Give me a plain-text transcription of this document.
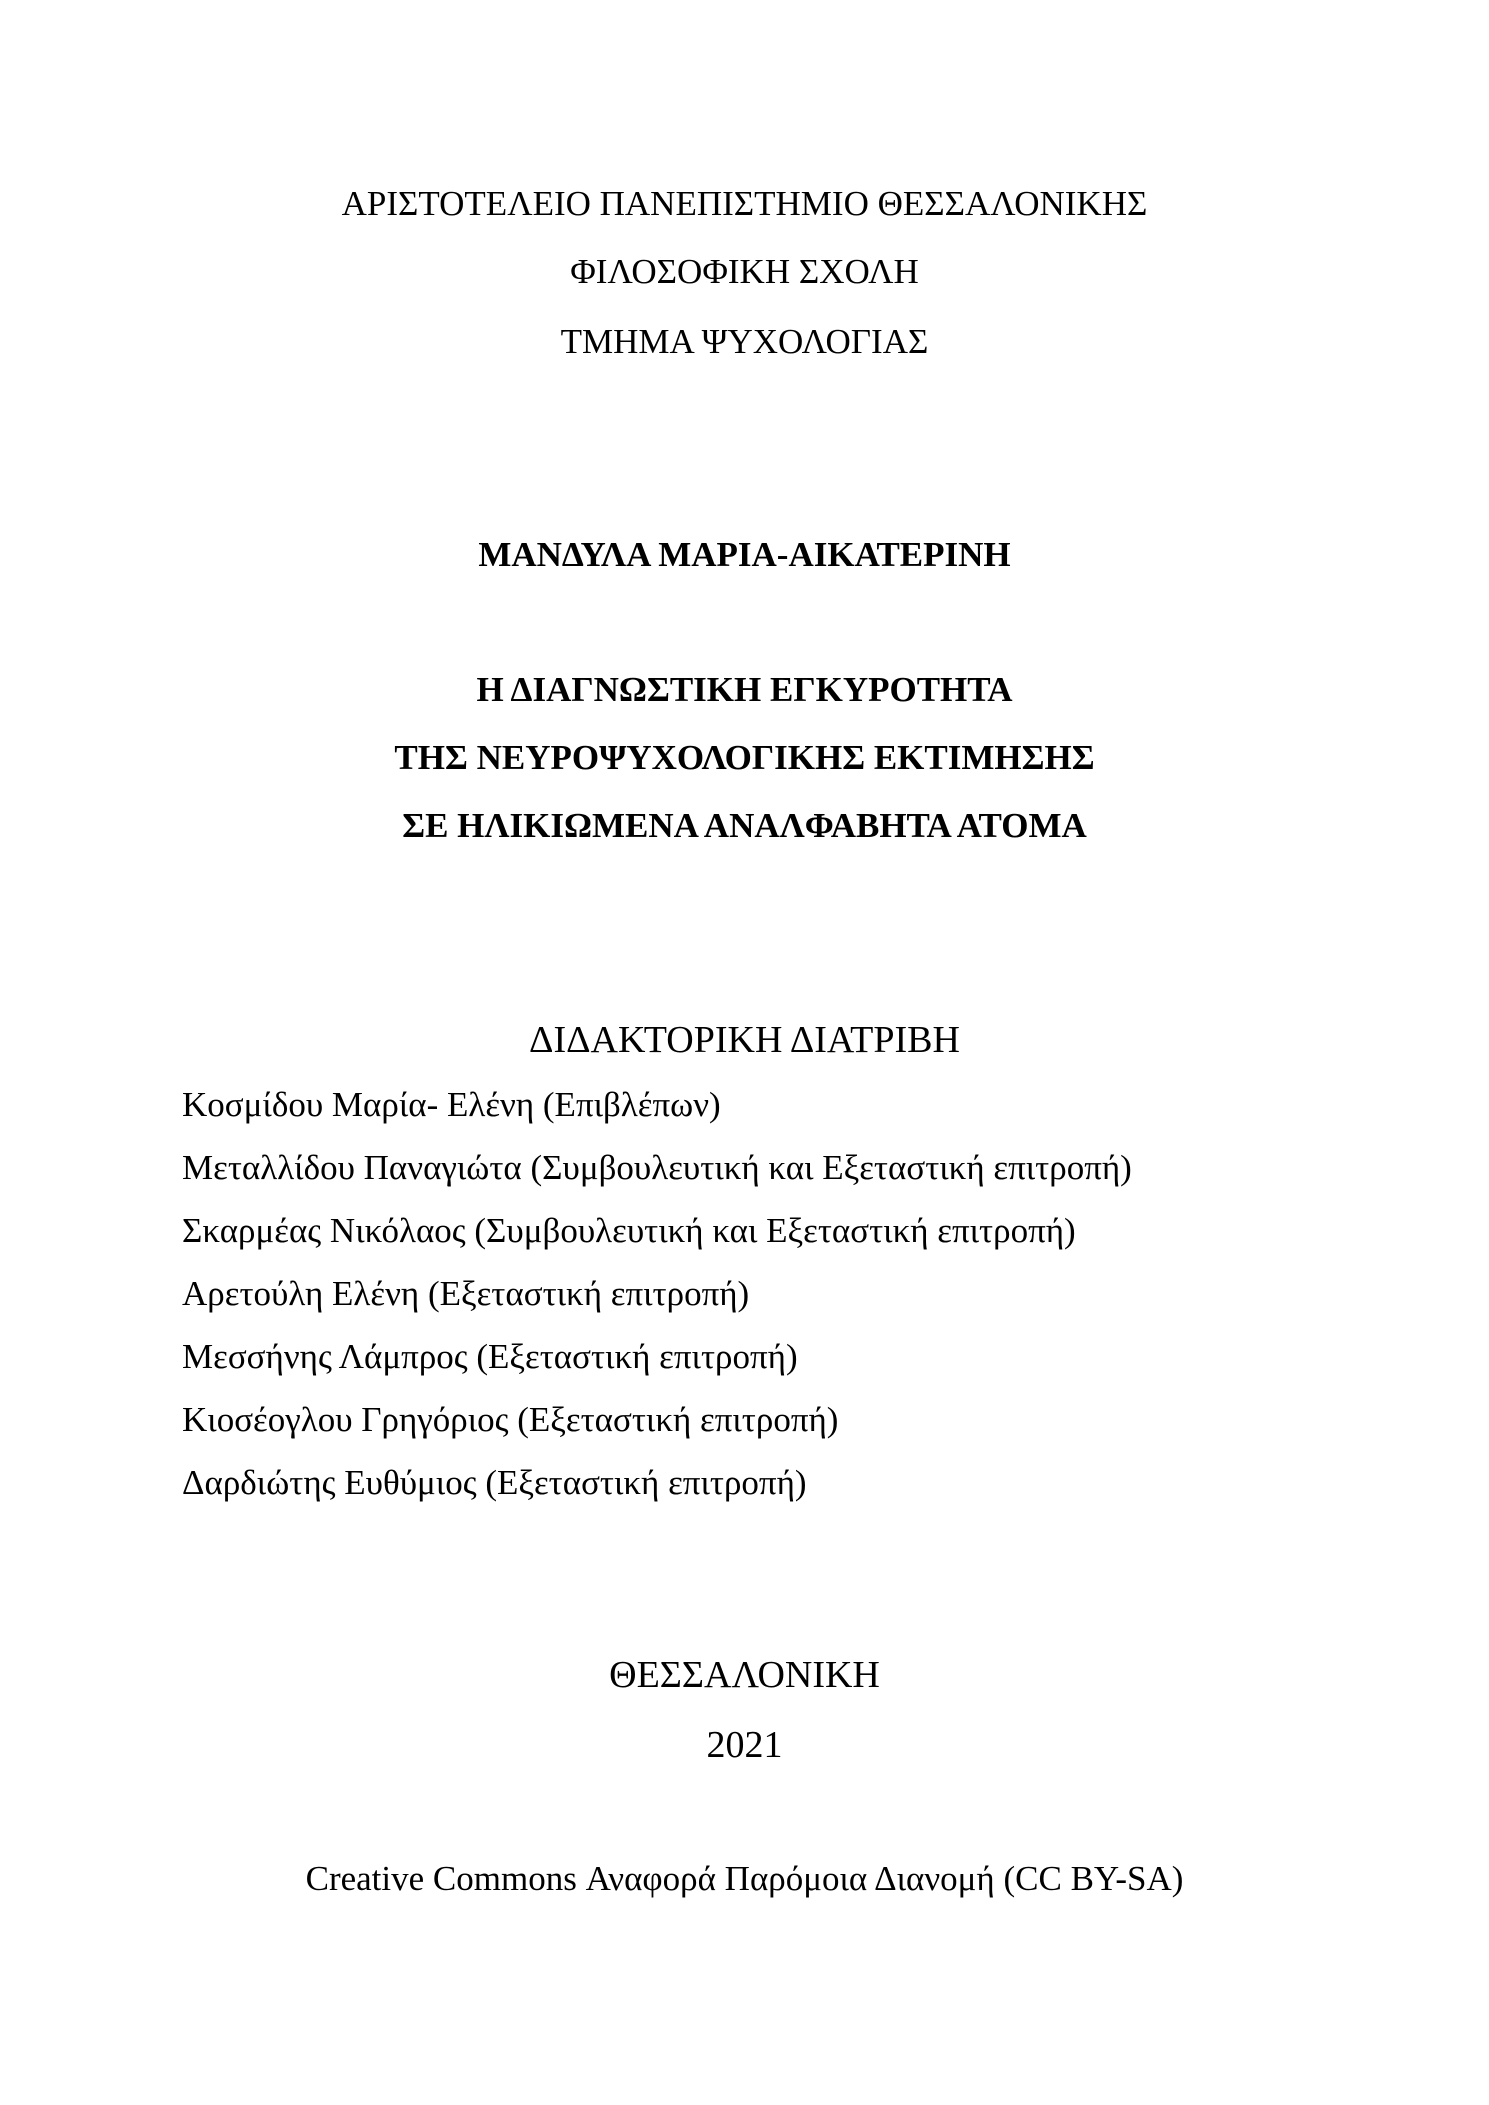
ΑΡΙΣΤΟΤΕΛΕΙΟ ΠΑΝΕΠΙΣΤΗΜΙΟ ΘΕΣΣΑΛΟΝΙΚΗΣ

ΦΙΛΟΣΟΦΙΚΗ ΣΧΟΛΗ

ΤΜΗΜΑ ΨΥΧΟΛΟΓΙΑΣ

ΜΑΝΔΥΛΑ ΜΑΡΙΑ-ΑΙΚΑΤΕΡΙΝΗ

Η ΔΙΑΓΝΩΣΤΙΚΗ ΕΓΚΥΡΟΤΗΤΑ

ΤΗΣ ΝΕΥΡΟΨΥΧΟΛΟΓΙΚΗΣ ΕΚΤΙΜΗΣΗΣ

ΣΕ ΗΛΙΚΙΩΜΕΝΑ ΑΝΑΛΦΑΒΗΤΑ ΑΤΟΜΑ

ΔΙΔΑΚΤΟΡΙΚΗ ΔΙΑΤΡΙΒΗ

Κοσμίδου Μαρία- Ελένη (Επιβλέπων)

Μεταλλίδου Παναγιώτα (Συμβουλευτική και Εξεταστική επιτροπή)

Σκαρμέας Νικόλαος (Συμβουλευτική και Εξεταστική επιτροπή)

Αρετούλη Ελένη (Εξεταστική επιτροπή)

Μεσσήνης Λάμπρος (Εξεταστική επιτροπή)

Κιοσέογλου Γρηγόριος (Εξεταστική επιτροπή)

Δαρδιώτης Ευθύμιος (Εξεταστική επιτροπή)

ΘΕΣΣΑΛΟΝΙΚΗ

2021

Creative Commons Αναφορά Παρόμοια Διανομή (CC BY-SA)
